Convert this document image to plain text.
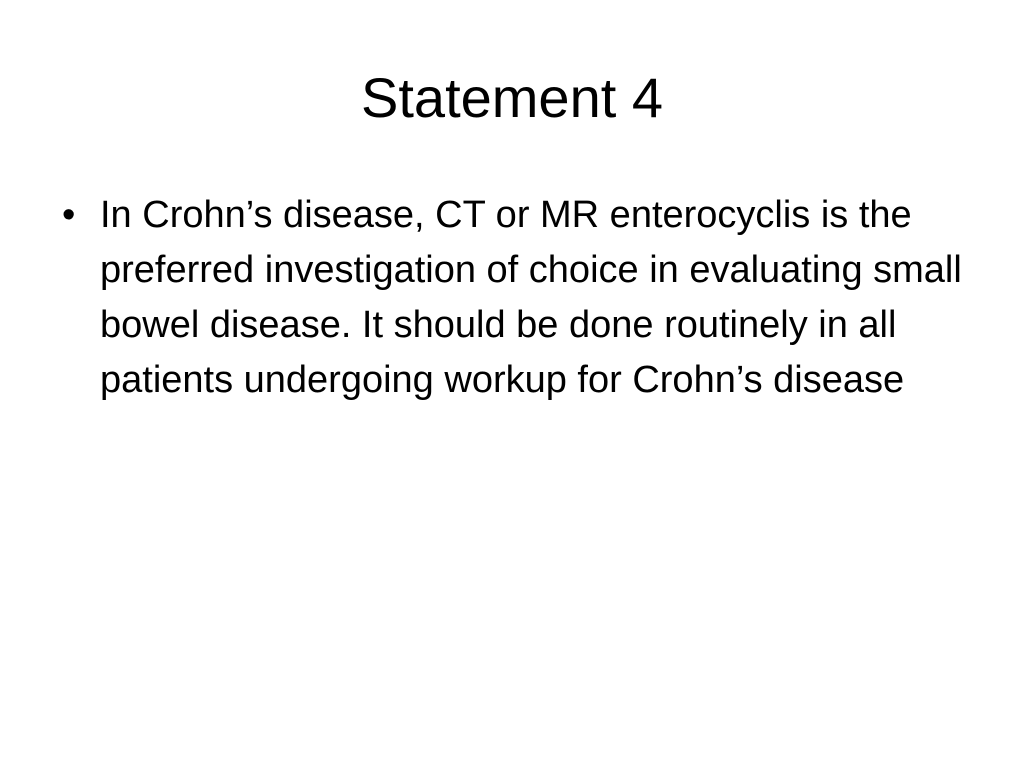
Statement 4
• In Crohn’s disease, CT or MR enterocyclis is the preferred investigation of choice in evaluating small bowel disease. It should be done routinely in all patients undergoing workup for Crohn’s disease
